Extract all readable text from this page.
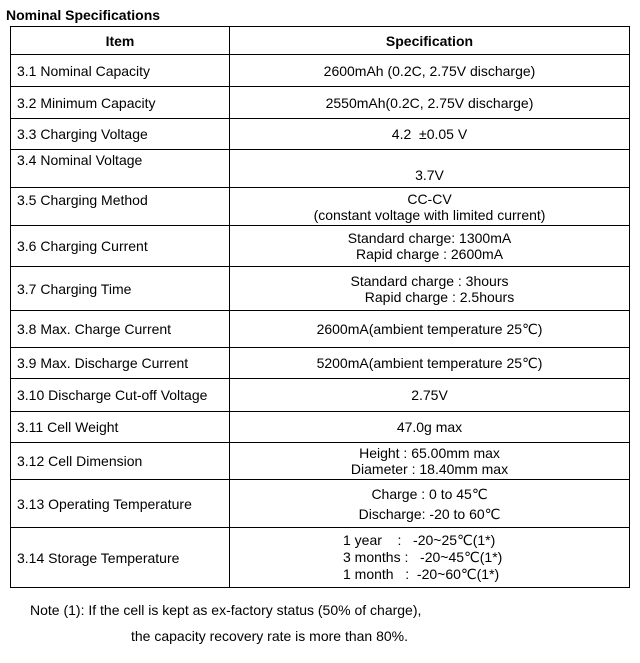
Nominal Specifications
Item	Specification
3.1 Nominal Capacity	2600mAh (0.2C, 2.75V discharge)

3.2 Minimum Capacity	2550mAh(0.2C, 2.75V discharge)

3.3 Charging Voltage	4.2  ±0.05 V

3.4 Nominal Voltage	3.7V

3.5 Charging Method	CC-CV
(constant voltage with limited current)

3.6 Charging Current	Standard charge: 1300mA
Rapid charge : 2600mA

3.7 Charging Time	Standard charge : 3hours
Rapid charge : 2.5hours

3.8 Max. Charge Current	2600mA(ambient temperature 25℃)

3.9 Max. Discharge Current	5200mA(ambient temperature 25℃)

3.10 Discharge Cut-off Voltage	2.75V

3.11 Cell Weight	47.0g max

3.12 Cell Dimension	Height : 65.00mm max
Diameter : 18.40mm max

3.13 Operating Temperature	Charge : 0 to 45℃
Discharge: -20 to 60℃

3.14 Storage Temperature	1 year    :   -20~25℃(1*)
3 months :   -20~45℃(1*)
1 month   :  -20~60℃(1*)
Note (1): If the cell is kept as ex-factory status (50% of charge),
the capacity recovery rate is more than 80%.
